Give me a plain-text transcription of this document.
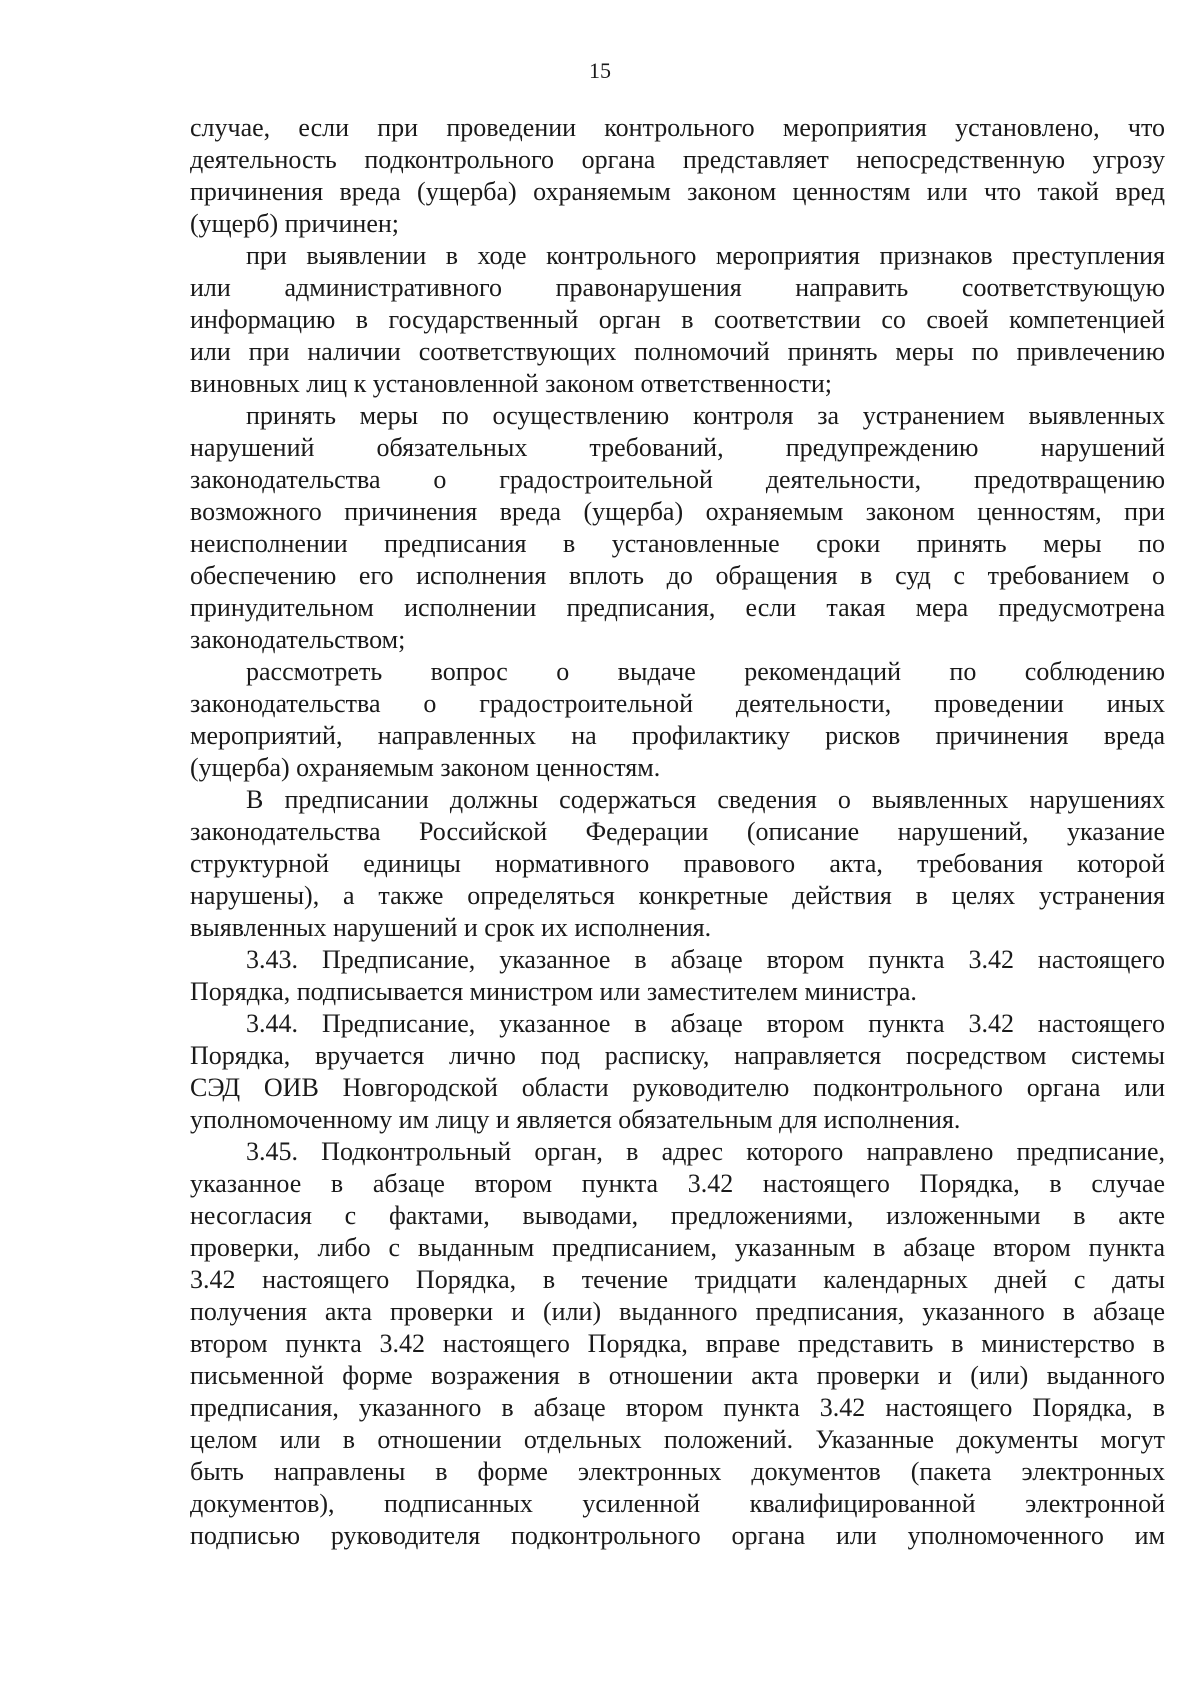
15
случае, если при проведении контрольного мероприятия установлено, что
деятельность подконтрольного органа представляет непосредственную угрозу
причинения вреда (ущерба) охраняемым законом ценностям или что такой вред
(ущерб) причинен;
при выявлении в ходе контрольного мероприятия признаков преступления
или административного правонарушения направить соответствующую
информацию в государственный орган в соответствии со своей компетенцией
или при наличии соответствующих полномочий принять меры по привлечению
виновных лиц к установленной законом ответственности;
принять меры по осуществлению контроля за устранением выявленных
нарушений обязательных требований, предупреждению нарушений
законодательства о градостроительной деятельности, предотвращению
возможного причинения вреда (ущерба) охраняемым законом ценностям, при
неисполнении предписания в установленные сроки принять меры по
обеспечению его исполнения вплоть до обращения в суд с требованием о
принудительном исполнении предписания, если такая мера предусмотрена
законодательством;
рассмотреть вопрос о выдаче рекомендаций по соблюдению
законодательства о градостроительной деятельности, проведении иных
мероприятий, направленных на профилактику рисков причинения вреда
(ущерба) охраняемым законом ценностям.
В предписании должны содержаться сведения о выявленных нарушениях
законодательства Российской Федерации (описание нарушений, указание
структурной единицы нормативного правового акта, требования которой
нарушены), а также определяться конкретные действия в целях устранения
выявленных нарушений и срок их исполнения.
3.43. Предписание, указанное в абзаце втором пункта 3.42 настоящего
Порядка, подписывается министром или заместителем министра.
3.44. Предписание, указанное в абзаце втором пункта 3.42 настоящего
Порядка, вручается лично под расписку, направляется посредством системы
СЭД ОИВ Новгородской области руководителю подконтрольного органа или
уполномоченному им лицу и является обязательным для исполнения.
3.45. Подконтрольный орган, в адрес которого направлено предписание,
указанное в абзаце втором пункта 3.42 настоящего Порядка, в случае
несогласия с фактами, выводами, предложениями, изложенными в акте
проверки, либо с выданным предписанием, указанным в абзаце втором пункта
3.42 настоящего Порядка, в течение тридцати календарных дней с даты
получения акта проверки и (или) выданного предписания, указанного в абзаце
втором пункта 3.42 настоящего Порядка, вправе представить в министерство в
письменной форме возражения в отношении акта проверки и (или) выданного
предписания, указанного в абзаце втором пункта 3.42 настоящего Порядка, в
целом или в отношении отдельных положений. Указанные документы могут
быть направлены в форме электронных документов (пакета электронных
документов), подписанных усиленной квалифицированной электронной
подписью руководителя подконтрольного органа или уполномоченного им
